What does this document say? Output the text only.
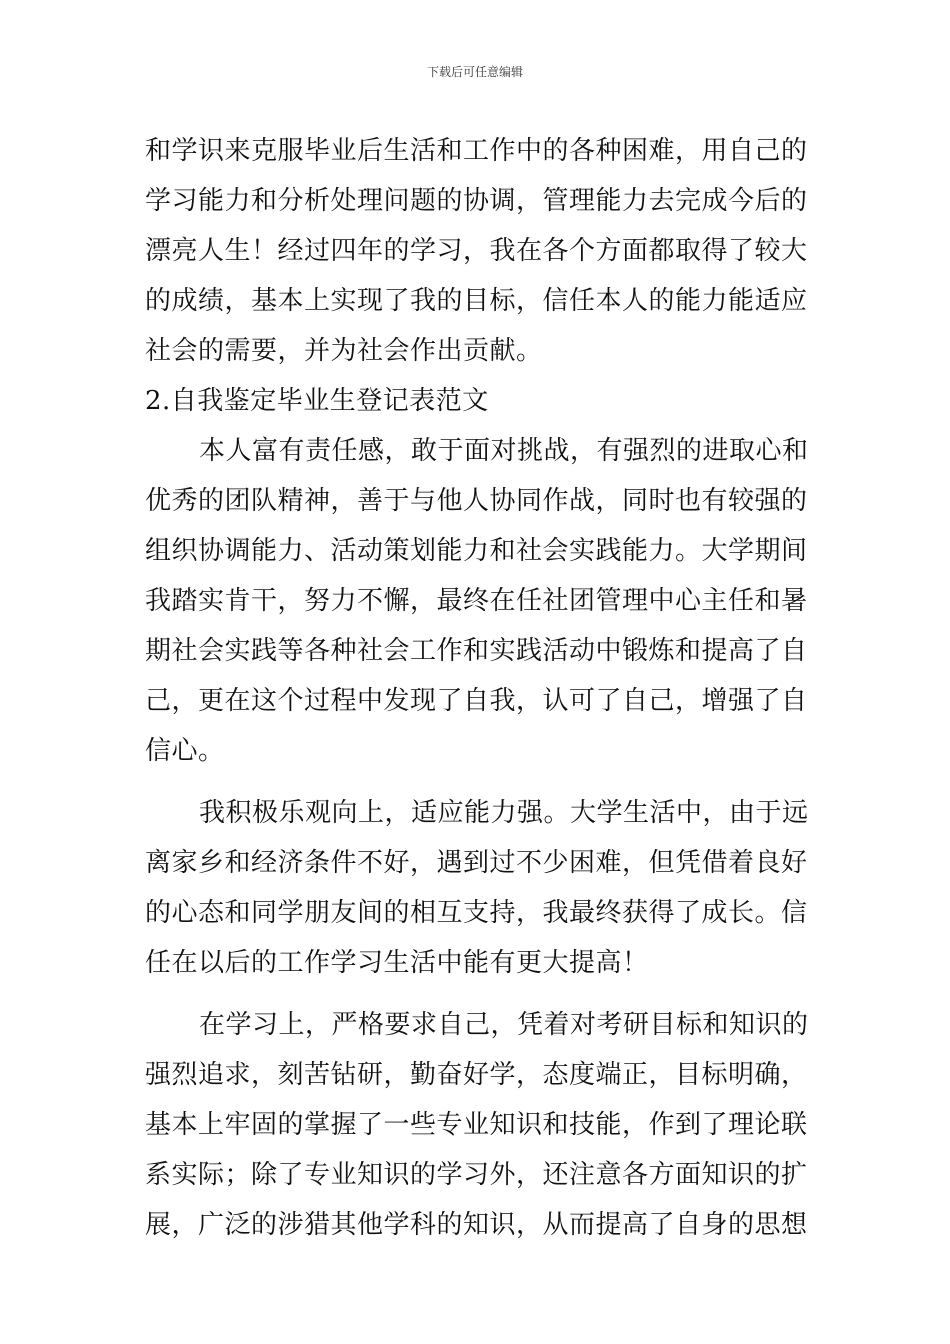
下载后可任意编辑
和学识来克服毕业后生活和工作中的各种困难，用自己的
学习能力和分析处理问题的协调，管理能力去完成今后的
漂亮人生！经过四年的学习，我在各个方面都取得了较大
的成绩，基本上实现了我的目标，信任本人的能力能适应
社会的需要，并为社会作出贡献。
2.自我鉴定毕业生登记表范文
本人富有责任感，敢于面对挑战，有强烈的进取心和
优秀的团队精神，善于与他人协同作战，同时也有较强的
组织协调能力、活动策划能力和社会实践能力。大学期间
我踏实肯干，努力不懈，最终在任社团管理中心主任和暑
期社会实践等各种社会工作和实践活动中锻炼和提高了自
己，更在这个过程中发现了自我，认可了自己，增强了自
信心。
我积极乐观向上，适应能力强。大学生活中，由于远
离家乡和经济条件不好，遇到过不少困难，但凭借着良好
的心态和同学朋友间的相互支持，我最终获得了成长。信
任在以后的工作学习生活中能有更大提高！
在学习上，严格要求自己，凭着对考研目标和知识的
强烈追求，刻苦钻研，勤奋好学，态度端正，目标明确，
基本上牢固的掌握了一些专业知识和技能，作到了理论联
系实际；除了专业知识的学习外，还注意各方面知识的扩
展，广泛的涉猎其他学科的知识，从而提高了自身的思想
